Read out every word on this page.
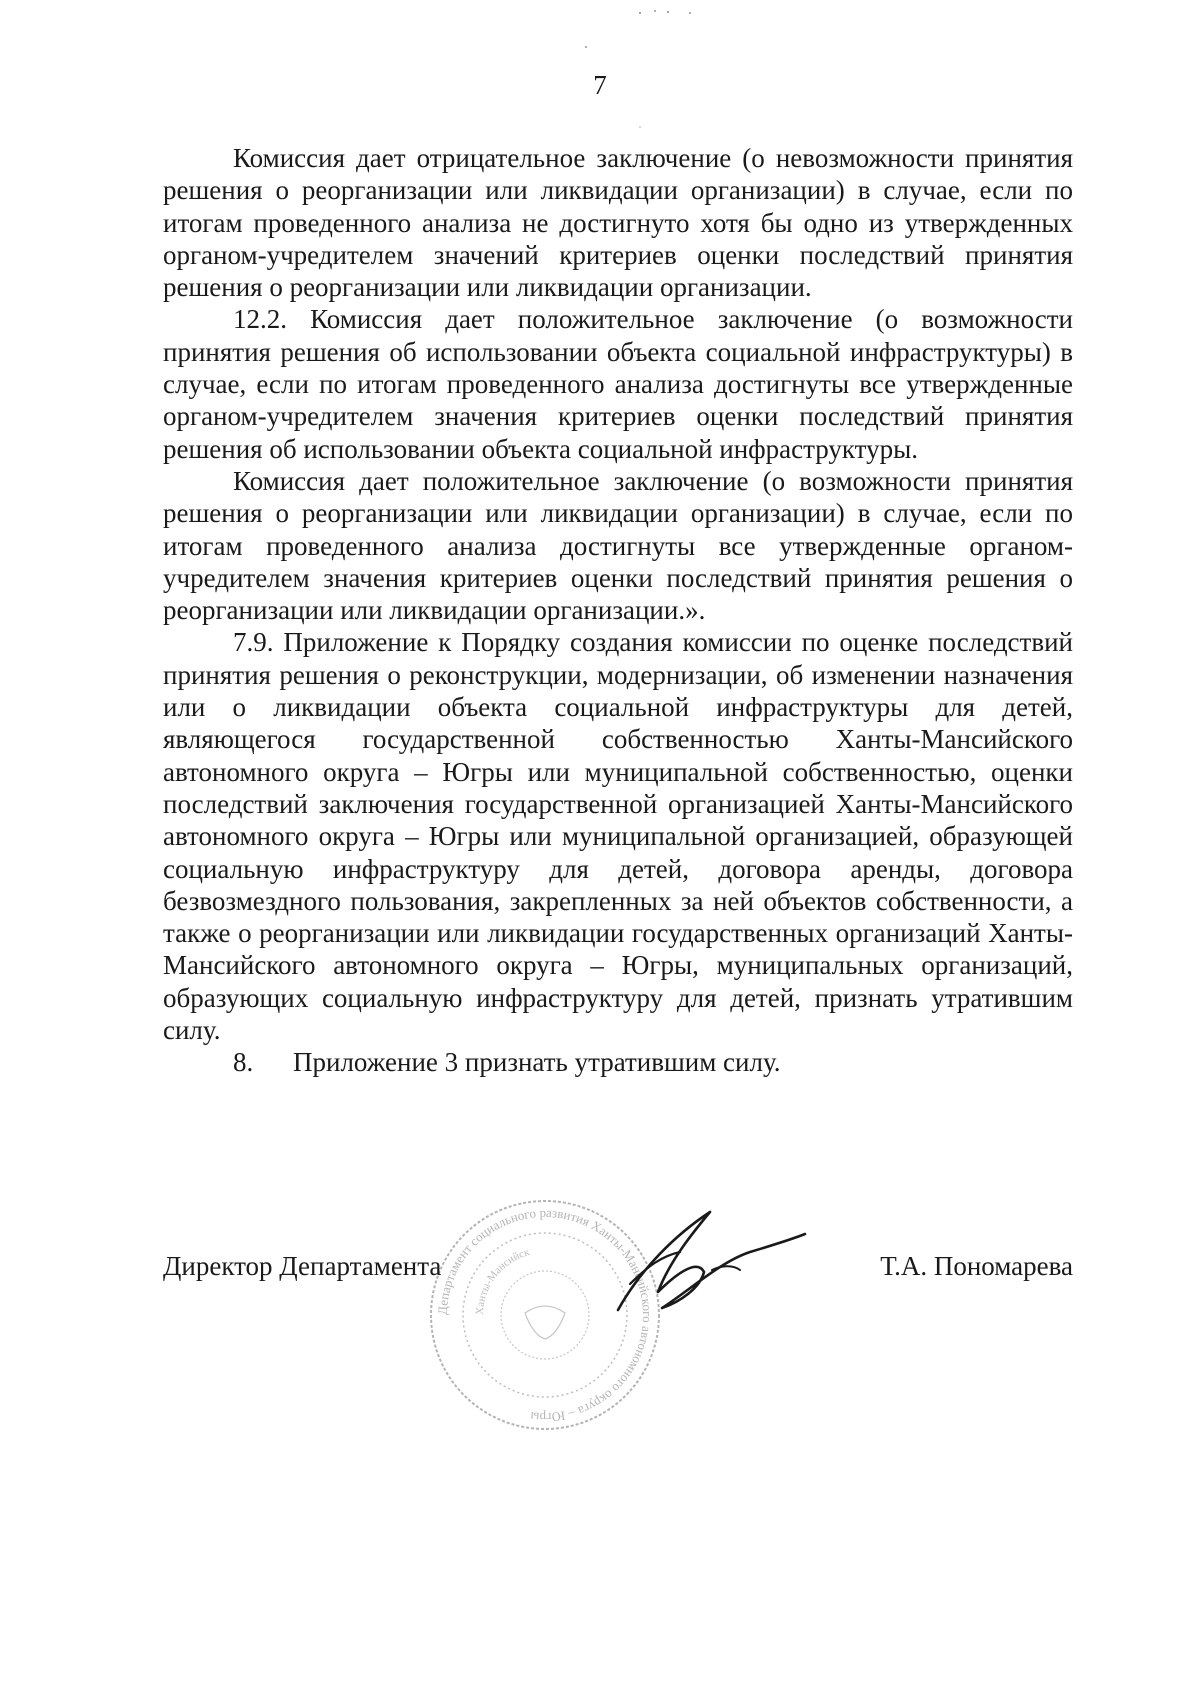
7

Комиссия дает отрицательное заключение (о невозможности принятия решения о реорганизации или ликвидации организации) в случае, если по итогам проведенного анализа не достигнуто хотя бы одно из утвержденных органом-учредителем значений критериев оценки последствий принятия решения о реорганизации или ликвидации организации.

12.2. Комиссия дает положительное заключение (о возможности принятия решения об использовании объекта социальной инфраструктуры) в случае, если по итогам проведенного анализа достигнуты все утвержденные органом-учредителем значения критериев оценки последствий принятия решения об использовании объекта социальной инфраструктуры.

Комиссия дает положительное заключение (о возможности принятия решения о реорганизации или ликвидации организации) в случае, если по итогам проведенного анализа достигнуты все утвержденные органом-учредителем значения критериев оценки последствий принятия решения о реорганизации или ликвидации организации.».

7.9. Приложение к Порядку создания комиссии по оценке последствий принятия решения о реконструкции, модернизации, об изменении назначения или о ликвидации объекта социальной инфраструктуры для детей, являющегося государственной собственностью Ханты-Мансийского автономного округа – Югры или муниципальной собственностью, оценки последствий заключения государственной организацией Ханты-Мансийского автономного округа – Югры или муниципальной организацией, образующей социальную инфраструктуру для детей, договора аренды, договора безвозмездного пользования, закрепленных за ней объектов собственности, а также о реорганизации или ликвидации государственных организаций Ханты-Мансийского автономного округа – Югры, муниципальных организаций, образующих социальную инфраструктуру для детей, признать утратившим силу.

8. Приложение 3 признать утратившим силу.

Департамент социального развития Ханты-Мансийского автономного округа – Югры
Ханты-Мансийск
Директор Департамента	Т.А. Пономарева
